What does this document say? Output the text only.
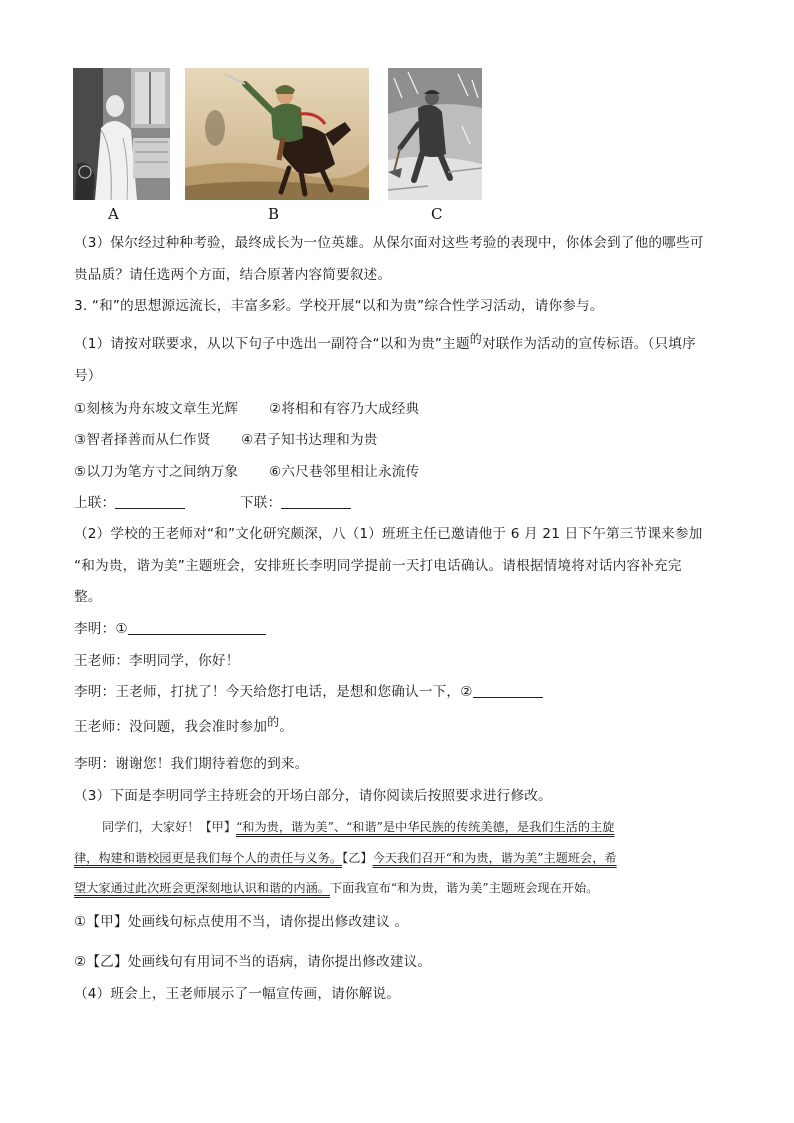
A	B	C
（3）保尔经过种种考验，最终成长为一位英雄。从保尔面对这些考验的表现中，你体会到了他的哪些可
贵品质？请任选两个方面，结合原著内容简要叙述。
3. “和”的思想源远流长，丰富多彩。学校开展“以和为贵”综合性学习活动，请你参与。
（1）请按对联要求，从以下句子中选出一副符合“以和为贵”主题的对联作为活动的宣传标语。（只填序
号）
①刻核为舟东坡文章生光辉 ②将相和有容乃大成经典
③智者择善而从仁作贤 ④君子知书达理和为贵
⑤以刀为笔方寸之间纳万象 ⑥六尺巷邻里相让永流传
上联：	下联：
（2）学校的王老师对“和”文化研究颇深，八（1）班班主任已邀请他于 6 月 21 日下午第三节课来参加
“和为贵，谐为美”主题班会，安排班长李明同学提前一天打电话确认。请根据情境将对话内容补充完
整。
李明：①
王老师：李明同学，你好！
李明：王老师，打扰了！今天给您打电话，是想和您确认一下，②
王老师：没问题，我会准时参加的。
李明：谢谢您！我们期待着您的到来。
（3）下面是李明同学主持班会的开场白部分，请你阅读后按照要求进行修改。
同学们，大家好！【甲】“和为贵，谐为美”、“和谐”是中华民族的传统美德，是我们生活的主旋
律，构建和谐校园更是我们每个人的责任与义务。【乙】今天我们召开“和为贵，谐为美”主题班会，希
望大家通过此次班会更深刻地认识和谐的内涵。下面我宣布“和为贵，谐为美”主题班会现在开始。
①【甲】处画线句标点使用不当，请你提出修改建议 。
②【乙】处画线句有用词不当的语病，请你提出修改建议。
（4）班会上，王老师展示了一幅宣传画，请你解说。
